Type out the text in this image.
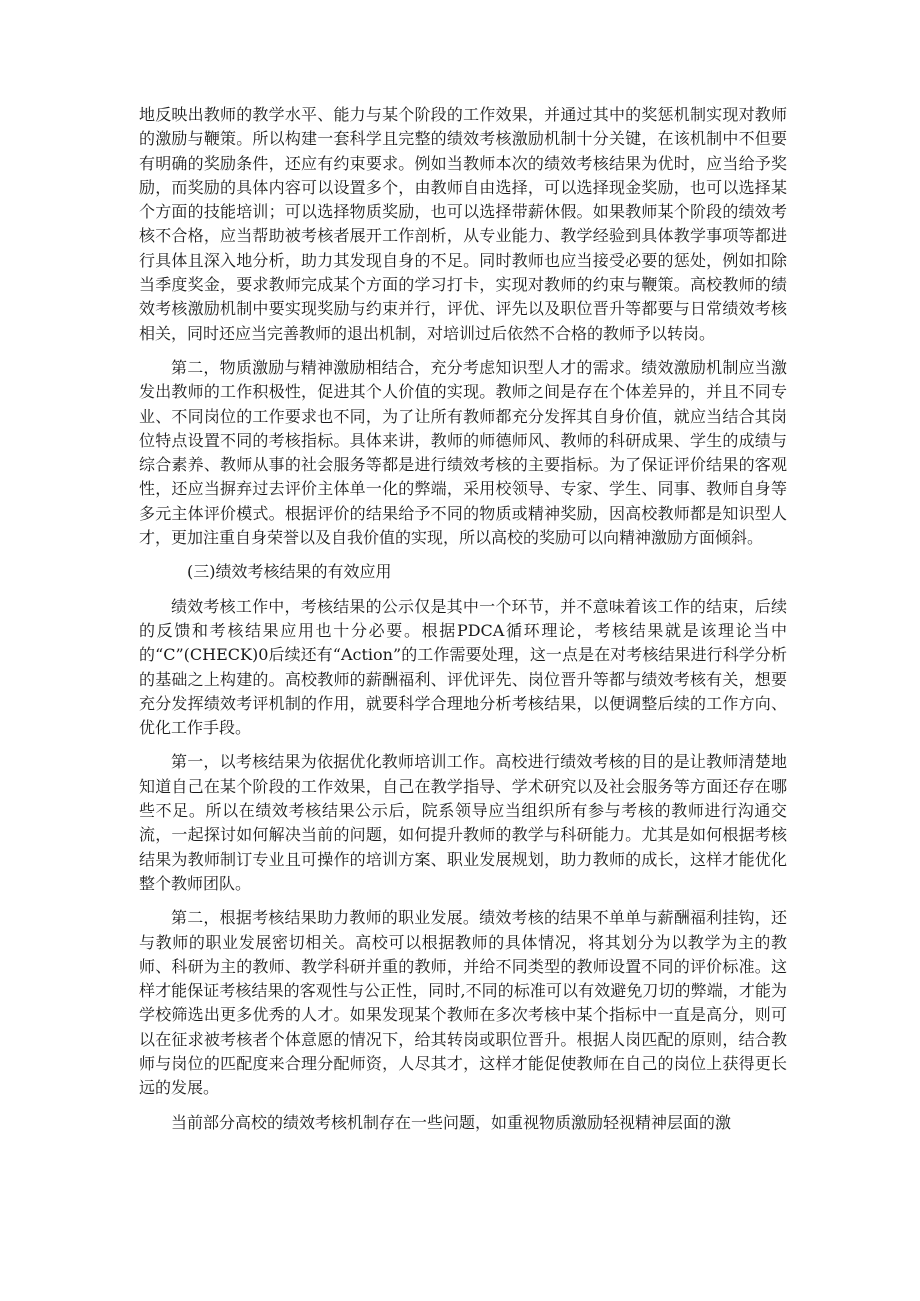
地反映出教师的教学水平、能力与某个阶段的工作效果，并通过其中的奖惩机制实现对教师的激励与鞭策。所以构建一套科学且完整的绩效考核激励机制十分关键，在该机制中不但要有明确的奖励条件，还应有约束要求。例如当教师本次的绩效考核结果为优时，应当给予奖励，而奖励的具体内容可以设置多个，由教师自由选择，可以选择现金奖励，也可以选择某个方面的技能培训；可以选择物质奖励，也可以选择带薪休假。如果教师某个阶段的绩效考核不合格，应当帮助被考核者展开工作剖析，从专业能力、教学经验到具体教学事项等都进行具体且深入地分析，助力其发现自身的不足。同时教师也应当接受必要的惩处，例如扣除当季度奖金，要求教师完成某个方面的学习打卡，实现对教师的约束与鞭策。高校教师的绩效考核激励机制中要实现奖励与约束并行，评优、评先以及职位晋升等都要与日常绩效考核相关，同时还应当完善教师的退出机制，对培训过后依然不合格的教师予以转岗。

第二，物质激励与精神激励相结合，充分考虑知识型人才的需求。绩效激励机制应当激发出教师的工作积极性，促进其个人价值的实现。教师之间是存在个体差异的，并且不同专业、不同岗位的工作要求也不同，为了让所有教师都充分发挥其自身价值，就应当结合其岗位特点设置不同的考核指标。具体来讲，教师的师德师风、教师的科研成果、学生的成绩与综合素养、教师从事的社会服务等都是进行绩效考核的主要指标。为了保证评价结果的客观性，还应当摒弃过去评价主体单一化的弊端，采用校领导、专家、学生、同事、教师自身等多元主体评价模式。根据评价的结果给予不同的物质或精神奖励，因高校教师都是知识型人才，更加注重自身荣誉以及自我价值的实现，所以高校的奖励可以向精神激励方面倾斜。

(三)绩效考核结果的有效应用

绩效考核工作中，考核结果的公示仅是其中一个环节，并不意味着该工作的结束，后续的反馈和考核结果应用也十分必要。根据PDCA循环理论，考核结果就是该理论当中的“C”(CHECK)0后续还有“Action”的工作需要处理，这一点是在对考核结果进行科学分析的基础之上构建的。高校教师的薪酬福利、评优评先、岗位晋升等都与绩效考核有关，想要充分发挥绩效考评机制的作用，就要科学合理地分析考核结果，以便调整后续的工作方向、优化工作手段。

第一，以考核结果为依据优化教师培训工作。高校进行绩效考核的目的是让教师清楚地知道自己在某个阶段的工作效果，自己在教学指导、学术研究以及社会服务等方面还存在哪些不足。所以在绩效考核结果公示后，院系领导应当组织所有参与考核的教师进行沟通交流，一起探讨如何解决当前的问题，如何提升教师的教学与科研能力。尤其是如何根据考核结果为教师制订专业且可操作的培训方案、职业发展规划，助力教师的成长，这样才能优化整个教师团队。

第二，根据考核结果助力教师的职业发展。绩效考核的结果不单单与薪酬福利挂钩，还与教师的职业发展密切相关。高校可以根据教师的具体情况，将其划分为以教学为主的教师、科研为主的教师、教学科研并重的教师，并给不同类型的教师设置不同的评价标准。这样才能保证考核结果的客观性与公正性，同时,不同的标准可以有效避免刀切的弊端，才能为学校筛选出更多优秀的人才。如果发现某个教师在多次考核中某个指标中一直是高分，则可以在征求被考核者个体意愿的情况下，给其转岗或职位晋升。根据人岗匹配的原则，结合教师与岗位的匹配度来合理分配师资，人尽其才，这样才能促使教师在自己的岗位上获得更长远的发展。

当前部分高校的绩效考核机制存在一些问题，如重视物质激励轻视精神层面的激
